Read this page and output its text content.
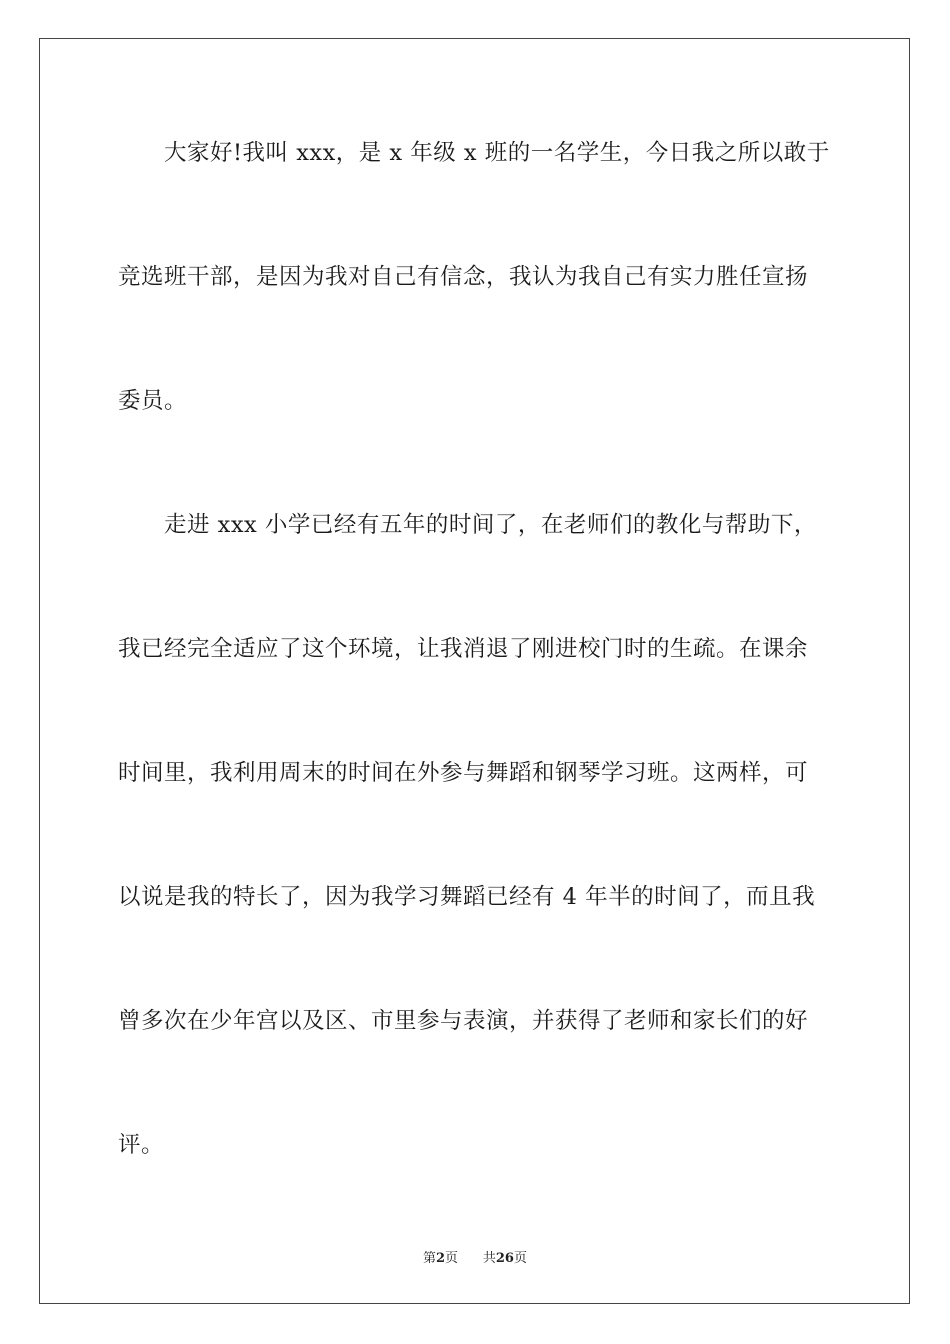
大家好!我叫 xxx，是 x 年级 x 班的一名学生，今日我之所以敢于
竞选班干部，是因为我对自己有信念，我认为我自己有实力胜任宣扬
委员。
走进 xxx 小学已经有五年的时间了，在老师们的教化与帮助下，
我已经完全适应了这个环境，让我消退了刚进校门时的生疏。在课余
时间里，我利用周末的时间在外参与舞蹈和钢琴学习班。这两样，可
以说是我的特长了，因为我学习舞蹈已经有 4 年半的时间了，而且我
曾多次在少年宫以及区、市里参与表演，并获得了老师和家长们的好
评。
第2页 共26页
